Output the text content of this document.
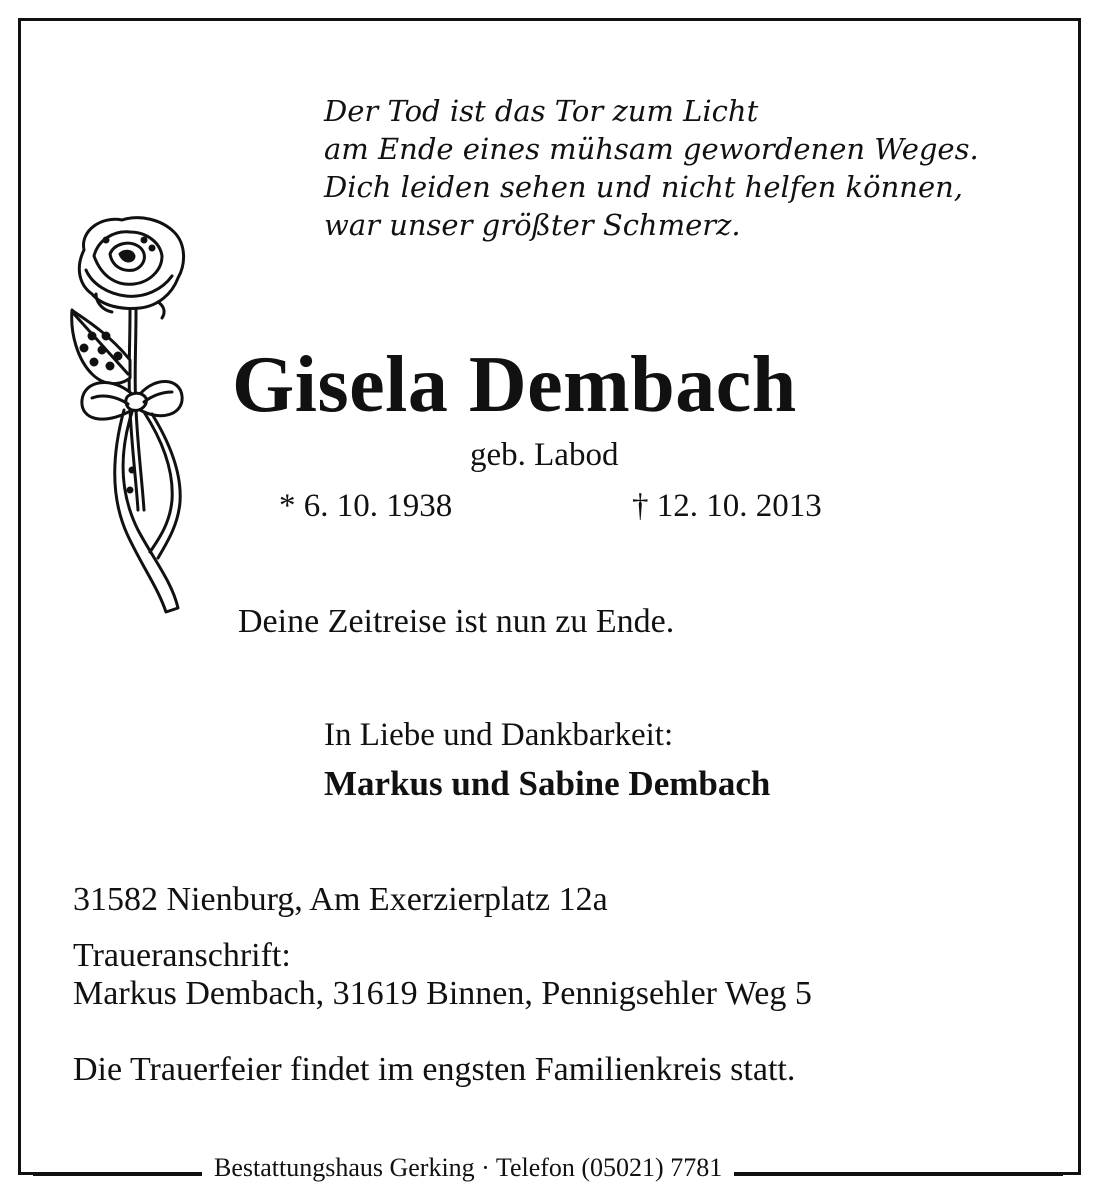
Der Tod ist das Tor zum Licht
am Ende eines mühsam gewordenen Weges.
Dich leiden sehen und nicht helfen können,
war unser größter Schmerz.
Gisela Dembach
geb. Labod
* 6. 10. 1938	† 12. 10. 2013
Deine Zeitreise ist nun zu Ende.
In Liebe und Dankbarkeit:
Markus und Sabine Dembach
31582 Nienburg, Am Exerzierplatz 12a
Traueranschrift:
Markus Dembach, 31619 Binnen, Pennigsehler Weg 5
Die Trauerfeier findet im engsten Familienkreis statt.
Bestattungshaus Gerking · Telefon (05021) 7781
